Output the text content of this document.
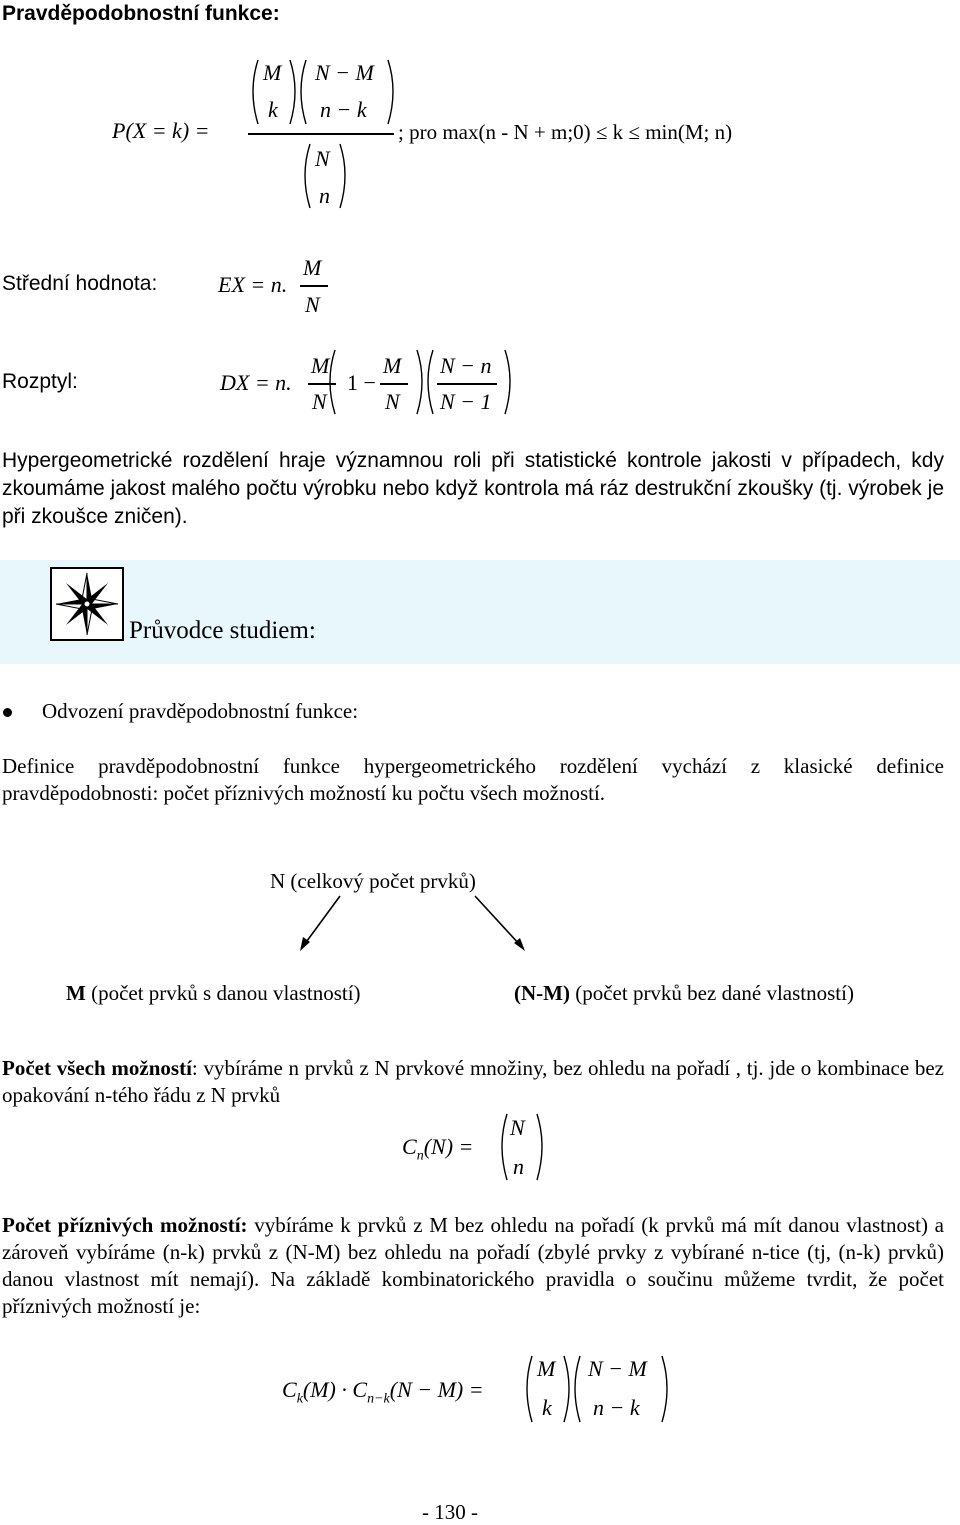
Pravděpodobnostní funkce:
P(X = k) =
M
k
N − M
n − k
N
n
; pro max(n - N + m;0) ≤ k ≤ min(M; n)
Střední hodnota:	EX = n.
M
N
Rozptyl:	DX = n.
M
N
1 −
M
N
N − n
N − 1
Hypergeometrické rozdělení hraje významnou roli při statistické kontrole jakosti v případech, kdy zkoumáme jakost malého počtu výrobku nebo když kontrola má ráz destrukční zkoušky (tj. výrobek je při zkoušce zničen).
Průvodce studiem:
Odvození pravděpodobnostní funkce:
Definice pravděpodobnostní funkce hypergeometrického rozdělení vychází z klasické definice pravděpodobnosti: počet příznivých možností ku počtu všech možností.
N (celkový počet prvků)
M (počet prvků s danou vlastností)	(N-M) (počet prvků bez dané vlastností)
Počet všech možností: vybíráme n prvků z N prvkové množiny, bez ohledu na pořadí , tj. jde o kombinace bez opakování n-tého řádu z N prvků
$C_n(N)$ =
N
n
Počet příznivých možností: vybíráme k prvků z M bez ohledu na pořadí (k prvků má mít danou vlastnost) a zároveň vybíráme (n-k) prvků z (N-M) bez ohledu na pořadí (zbylé prvky z vybírané n-tice (tj, (n-k) prvků) danou vlastnost mít nemají). Na základě kombinatorického pravidla o součinu můžeme tvrdit, že počet příznivých možností je:
$C_k(M) \cdot C_{n-k}(N - M)$ =
M
k
N − M
n − k
- 130 -
